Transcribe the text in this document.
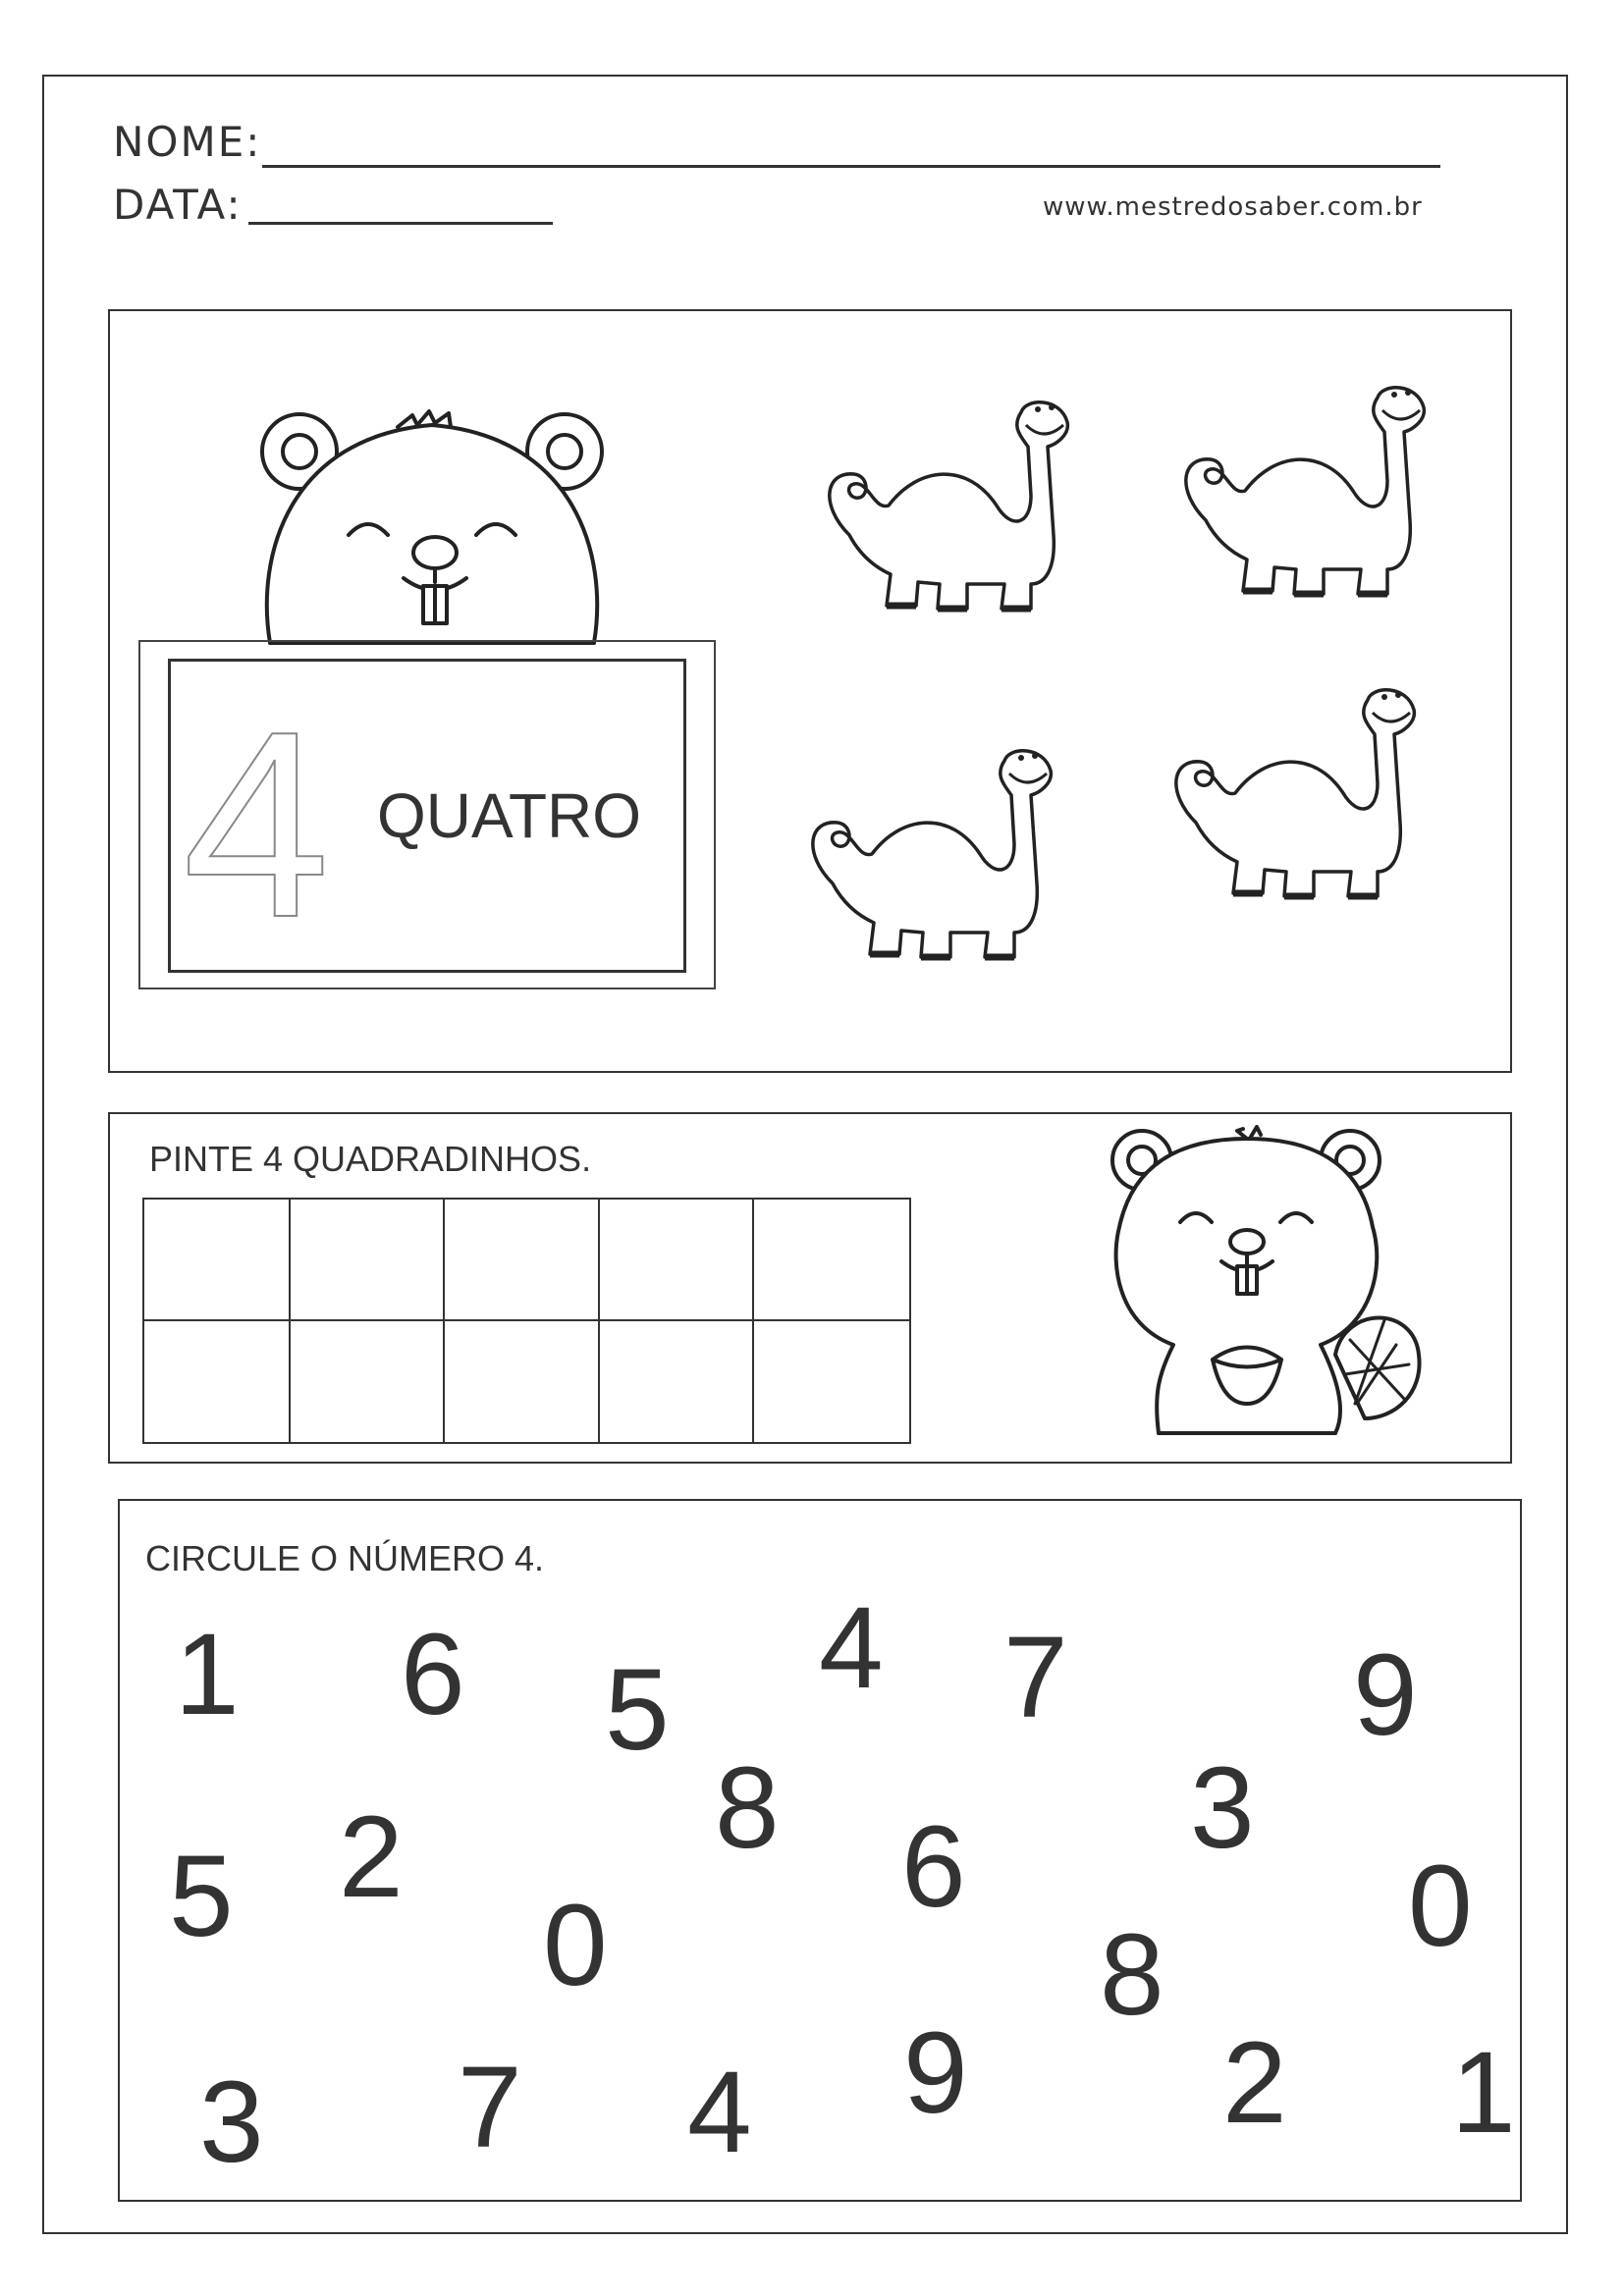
NOME:
DATA:	www.mestredosaber.com.br
4 QUATRO
PINTE 4 QUADRADINHOS.
CIRCULE O NÚMERO 4.
1 6 5 4 7 9
8	3
5 2	6
0	0
8
3 7 4 9 2 1
